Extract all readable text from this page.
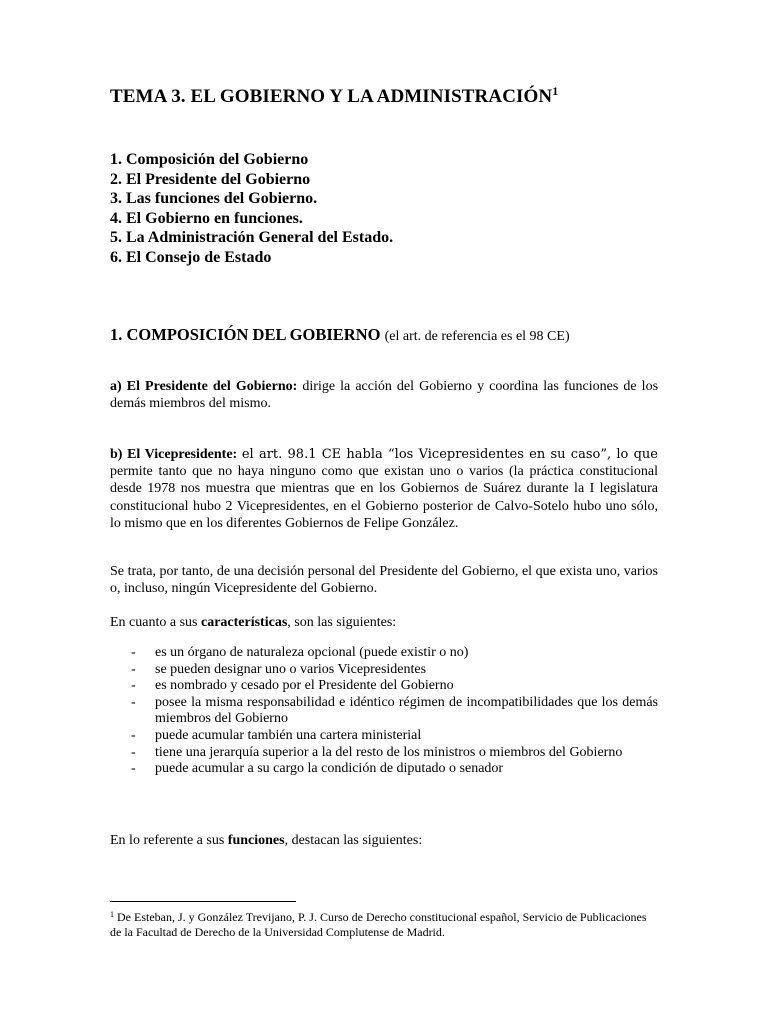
TEMA 3. EL GOBIERNO Y LA ADMINISTRACIÓN$^1$
1. Composición del Gobierno
2. El Presidente del Gobierno
3. Las funciones del Gobierno.
4. El Gobierno en funciones.
5. La Administración General del Estado.
6. El Consejo de Estado
1. COMPOSICIÓN DEL GOBIERNO (el art. de referencia es el 98 CE)

a) El Presidente del Gobierno: dirige la acción del Gobierno y coordina las funciones de los demás miembros del mismo.

b) El Vicepresidente: el art. 98.1 CE habla “los Vicepresidentes en su caso”, lo que permite tanto que no haya ninguno como que existan uno o varios (la práctica constitucional desde 1978 nos muestra que mientras que en los Gobiernos de Suárez durante la I legislatura constitucional hubo 2 Vicepresidentes, en el Gobierno posterior de Calvo-Sotelo hubo uno sólo, lo mismo que en los diferentes Gobiernos de Felipe González.

Se trata, por tanto, de una decisión personal del Presidente del Gobierno, el que exista uno, varios o, incluso, ningún Vicepresidente del Gobierno.

En cuanto a sus características, son las siguientes:

- es un órgano de naturaleza opcional (puede existir o no)
- se pueden designar uno o varios Vicepresidentes
- es nombrado y cesado por el Presidente del Gobierno
- posee la misma responsabilidad e idéntico régimen de incompatibilidades que los demás miembros del Gobierno
- puede acumular también una cartera ministerial
- tiene una jerarquía superior a la del resto de los ministros o miembros del Gobierno
- puede acumular a su cargo la condición de diputado o senador

En lo referente a sus funciones, destacan las siguientes:

$^1$ De Esteban, J. y González Trevijano, P. J. Curso de Derecho constitucional español, Servicio de Publicaciones de la Facultad de Derecho de la Universidad Complutense de Madrid.
